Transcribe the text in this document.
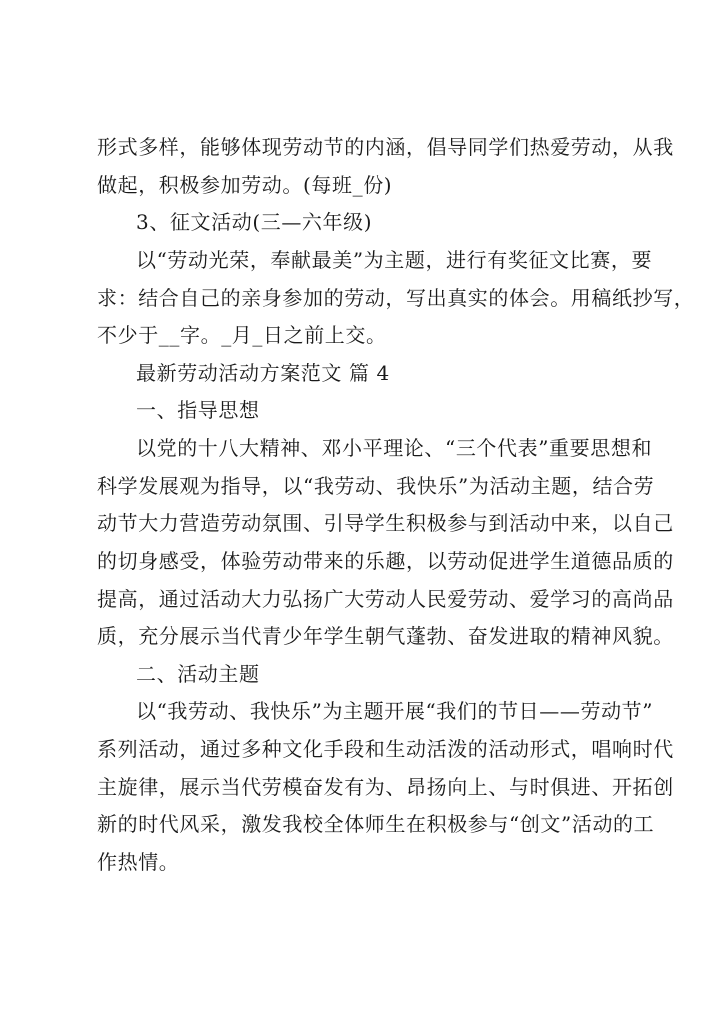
形式多样，能够体现劳动节的内涵，倡导同学们热爱劳动，从我

做起，积极参加劳动。(每班_份)

3、征文活动(三—六年级)

以“劳动光荣，奉献最美”为主题，进行有奖征文比赛，要

求：结合自己的亲身参加的劳动，写出真实的体会。用稿纸抄写，

不少于__字。_月_日之前上交。

最新劳动活动方案范文 篇 4

一、指导思想

以党的十八大精神、邓小平理论、“三个代表”重要思想和

科学发展观为指导，以“我劳动、我快乐”为活动主题，结合劳

动节大力营造劳动氛围、引导学生积极参与到活动中来，以自己

的切身感受，体验劳动带来的乐趣，以劳动促进学生道德品质的

提高，通过活动大力弘扬广大劳动人民爱劳动、爱学习的高尚品

质，充分展示当代青少年学生朝气蓬勃、奋发进取的精神风貌。

二、活动主题

以“我劳动、我快乐”为主题开展“我们的节日——劳动节”

系列活动，通过多种文化手段和生动活泼的活动形式，唱响时代

主旋律，展示当代劳模奋发有为、昂扬向上、与时俱进、开拓创

新的时代风采，激发我校全体师生在积极参与“创文”活动的工

作热情。
